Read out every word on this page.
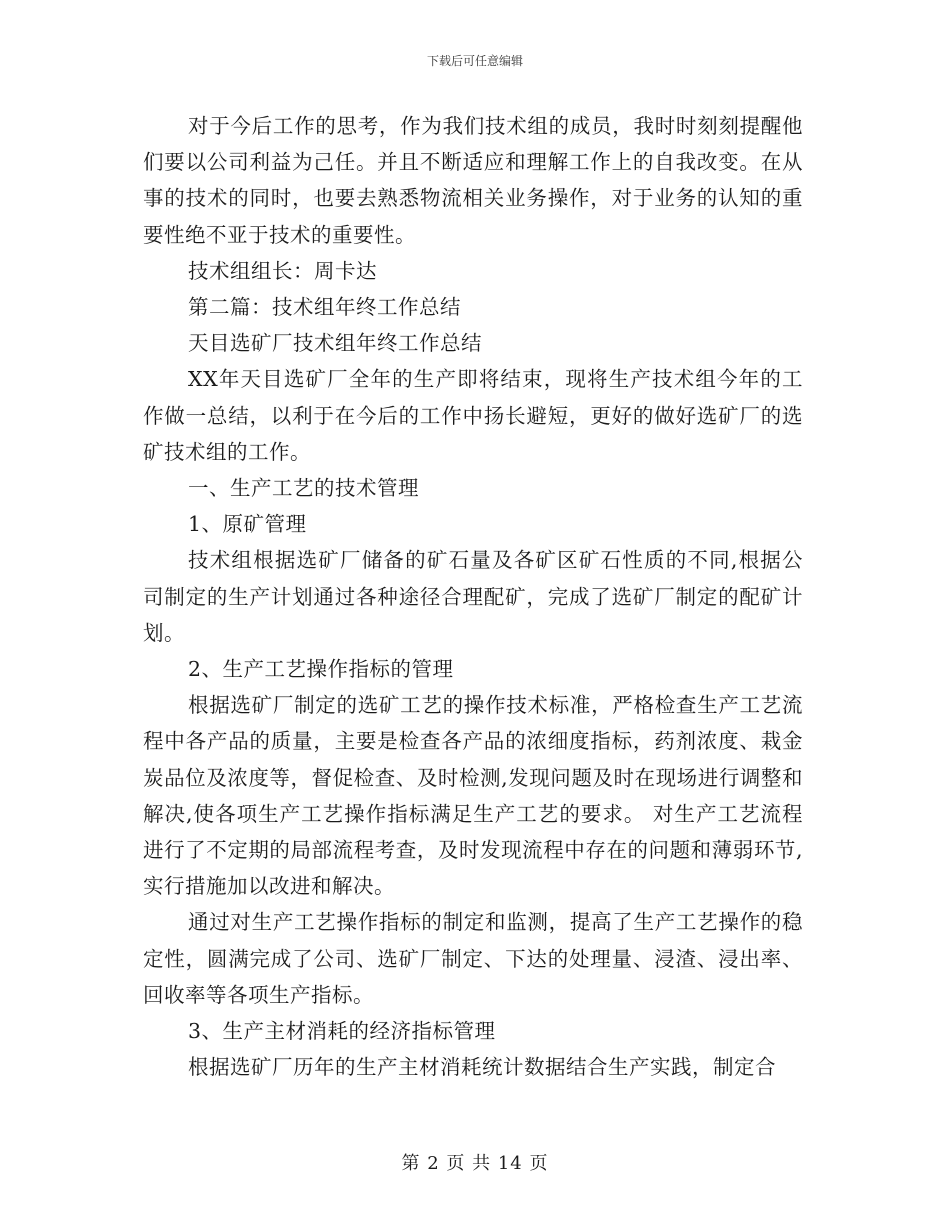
下载后可任意编辑

对于今后工作的思考，作为我们技术组的成员，我时时刻刻提醒他们要以公司利益为己任。并且不断适应和理解工作上的自我改变。在从事的技术的同时，也要去熟悉物流相关业务操作，对于业务的认知的重要性绝不亚于技术的重要性。

技术组组长：周卡达

第二篇：技术组年终工作总结

天目选矿厂技术组年终工作总结

XX年天目选矿厂全年的生产即将结束，现将生产技术组今年的工作做一总结，以利于在今后的工作中扬长避短，更好的做好选矿厂的选矿技术组的工作。

一、生产工艺的技术管理

1、原矿管理

技术组根据选矿厂储备的矿石量及各矿区矿石性质的不同,根据公司制定的生产计划通过各种途径合理配矿，完成了选矿厂制定的配矿计划。

2、生产工艺操作指标的管理

根据选矿厂制定的选矿工艺的操作技术标准，严格检查生产工艺流程中各产品的质量，主要是检查各产品的浓细度指标，药剂浓度、栽金炭品位及浓度等，督促检查、及时检测,发现问题及时在现场进行调整和解决,使各项生产工艺操作指标满足生产工艺的要求。 对生产工艺流程进行了不定期的局部流程考查，及时发现流程中存在的问题和薄弱环节,实行措施加以改进和解决。

通过对生产工艺操作指标的制定和监测，提高了生产工艺操作的稳定性，圆满完成了公司、选矿厂制定、下达的处理量、浸渣、浸出率、回收率等各项生产指标。

3、生产主材消耗的经济指标管理

根据选矿厂历年的生产主材消耗统计数据结合生产实践，制定合

第 2 页 共 14 页
